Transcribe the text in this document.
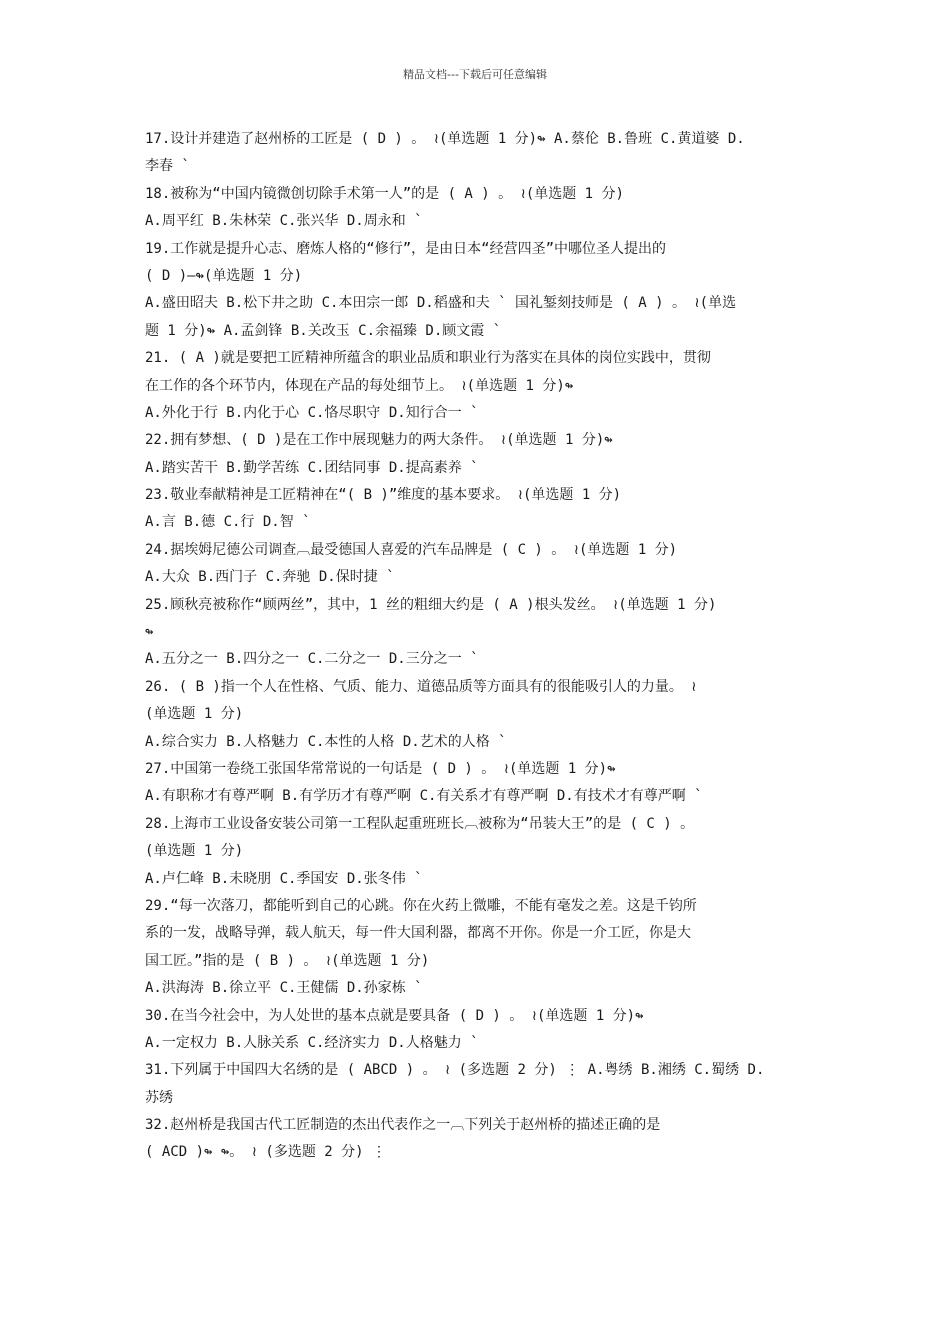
精品文档---下载后可任意编辑
17.设计并建造了赵州桥的工匠是 ( D ) 。 ≀(单选题 1 分)↬ A.蔡伦 B.鲁班 C.黄道婆 D.
李春 `
18.被称为“中国内镜微创切除手术第一人”的是 ( A ) 。 ≀(单选题 1 分)
A.周平红 B.朱林荣 C.张兴华 D.周永和 `
19.工作就是提升心志、磨炼人格的“修行”，是由日本“经营四圣”中哪位圣人提出的
( D )—↬(单选题 1 分)
A.盛田昭夫 B.松下井之助 C.本田宗一郎 D.稻盛和夫 ` 国礼錾刻技师是 ( A ) 。 ≀(单选
题 1 分)↬ A.孟剑锋 B.关改玉 C.余福臻 D.顾文霞 `
21. ( A )就是要把工匠精神所蕴含的职业品质和职业行为落实在具体的岗位实践中，贯彻
在工作的各个环节内，体现在产品的每处细节上。 ≀(单选题 1 分)↬
A.外化于行 B.内化于心 C.恪尽职守 D.知行合一 `
22.拥有梦想、( D )是在工作中展现魅力的两大条件。 ≀(单选题 1 分)↬
A.踏实苦干 B.勤学苦练 C.团结同事 D.提高素养 `
23.敬业奉献精神是工匠精神在“( B )”维度的基本要求。 ≀(单选题 1 分)
A.言 B.德 C.行 D.智 `
24.据埃姆尼德公司调查︹最受德国人喜爱的汽车品牌是 ( C ) 。 ≀(单选题 1 分)
A.大众 B.西门子 C.奔驰 D.保时捷 `
25.顾秋亮被称作“顾两丝”，其中，1 丝的粗细大约是 ( A )根头发丝。 ≀(单选题 1 分)
↬
A.五分之一 B.四分之一 C.二分之一 D.三分之一 `
26. ( B )指一个人在性格、气质、能力、道德品质等方面具有的很能吸引人的力量。 ≀
(单选题 1 分)
A.综合实力 B.人格魅力 C.本性的人格 D.艺术的人格 `
27.中国第一卷绕工张国华常常说的一句话是 ( D ) 。 ≀(单选题 1 分)↬
A.有职称才有尊严啊 B.有学历才有尊严啊 C.有关系才有尊严啊 D.有技术才有尊严啊 `
28.上海市工业设备安装公司第一工程队起重班班长︹被称为“吊装大王”的是 ( C ) 。
(单选题 1 分)
A.卢仁峰 B.未晓朋 C.季国安 D.张冬伟 `
29.“每一次落刀，都能听到自己的心跳。你在火药上微雕，不能有毫发之差。这是千钧所
系的一发，战略导弹，载人航天，每一件大国利器，都离不开你。你是一介工匠，你是大
国工匠。”指的是 ( B ) 。 ≀(单选题 1 分)
A.洪海涛 B.徐立平 C.王健儒 D.孙家栋 `
30.在当今社会中，为人处世的基本点就是要具备 ( D ) 。 ≀(单选题 1 分)↬
A.一定权力 B.人脉关系 C.经济实力 D.人格魅力 `
31.下列属于中国四大名绣的是 ( ABCD ) 。 ≀ (多选题 2 分) ⋮ A.粤绣 B.湘绣 C.蜀绣 D.
苏绣
32.赵州桥是我国古代工匠制造的杰出代表作之一︹下列关于赵州桥的描述正确的是
( ACD )↬ ↬。 ≀ (多选题 2 分) ⋮
